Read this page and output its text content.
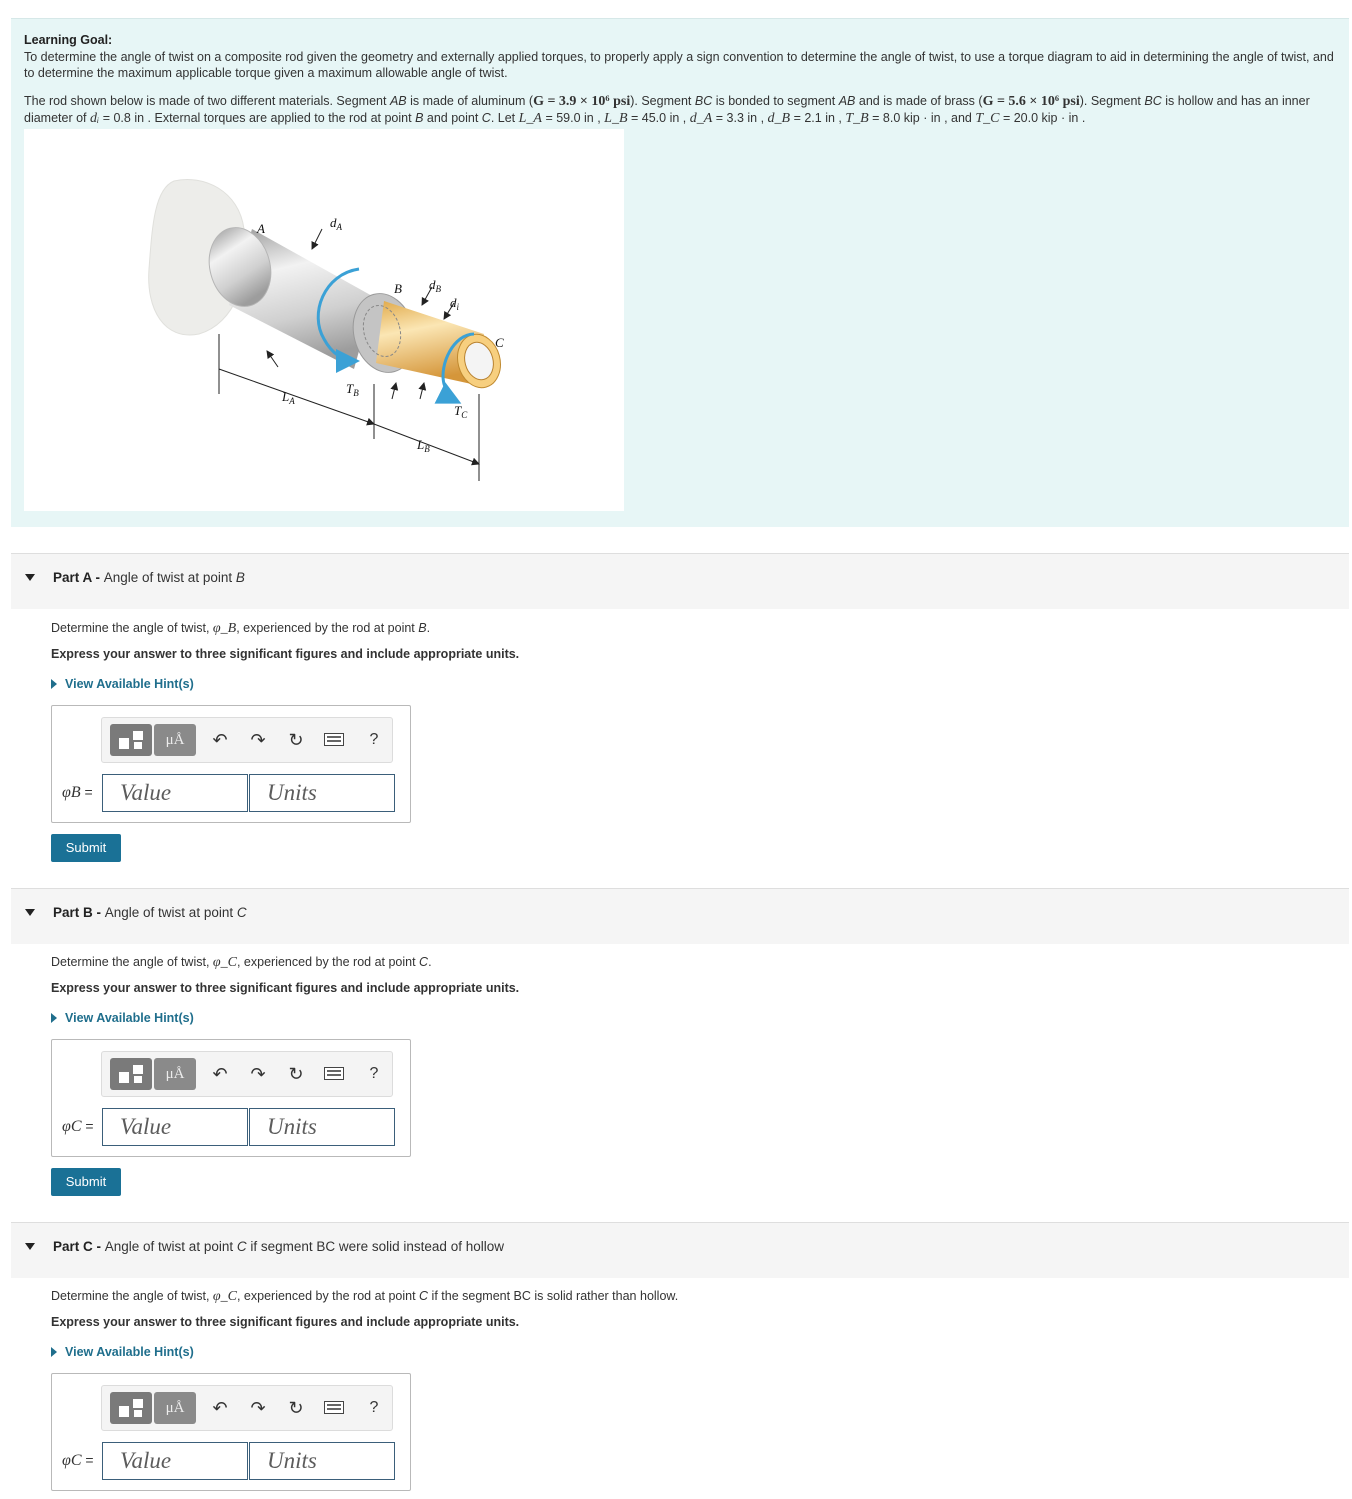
Learning Goal:
To determine the angle of twist on a composite rod given the geometry and externally applied torques, to properly apply a sign convention to determine the angle of twist, to use a torque diagram to aid in determining the angle of twist, and to determine the maximum applicable torque given a maximum allowable angle of twist.
The rod shown below is made of two different materials. Segment AB is made of aluminum (G = 3.9 × 10⁶ psi). Segment BC is bonded to segment AB and is made of brass (G = 5.6 × 10⁶ psi). Segment BC is hollow and has an inner diameter of dᵢ = 0.8 in . External torques are applied to the rod at point B and point C. Let L_A = 59.0 in , L_B = 45.0 in , d_A = 3.3 in , d_B = 2.1 in , T_B = 8.0 kip · in , and T_C = 20.0 kip · in .
A	$d_A$
B $d_B$
$d_i$
C
$L_A$
$T_B$
$T_C$
$L_B$
Part A - Angle of twist at point B
Determine the angle of twist, φ_B, experienced by the rod at point B.
Express your answer to three significant figures and include appropriate units.
View Available Hint(s)
μÅ	↶ ↷ ↻	?
φB =	Value	Units
Submit
Part B - Angle of twist at point C
Determine the angle of twist, φ_C, experienced by the rod at point C.
Express your answer to three significant figures and include appropriate units.
View Available Hint(s)
μÅ	↶ ↷ ↻	?
φC =	Value	Units
Submit
Part C - Angle of twist at point C if segment BC were solid instead of hollow
Determine the angle of twist, φ_C, experienced by the rod at point C if the segment BC is solid rather than hollow.
Express your answer to three significant figures and include appropriate units.
View Available Hint(s)
μÅ	↶ ↷ ↻	?
φC =	Value	Units
